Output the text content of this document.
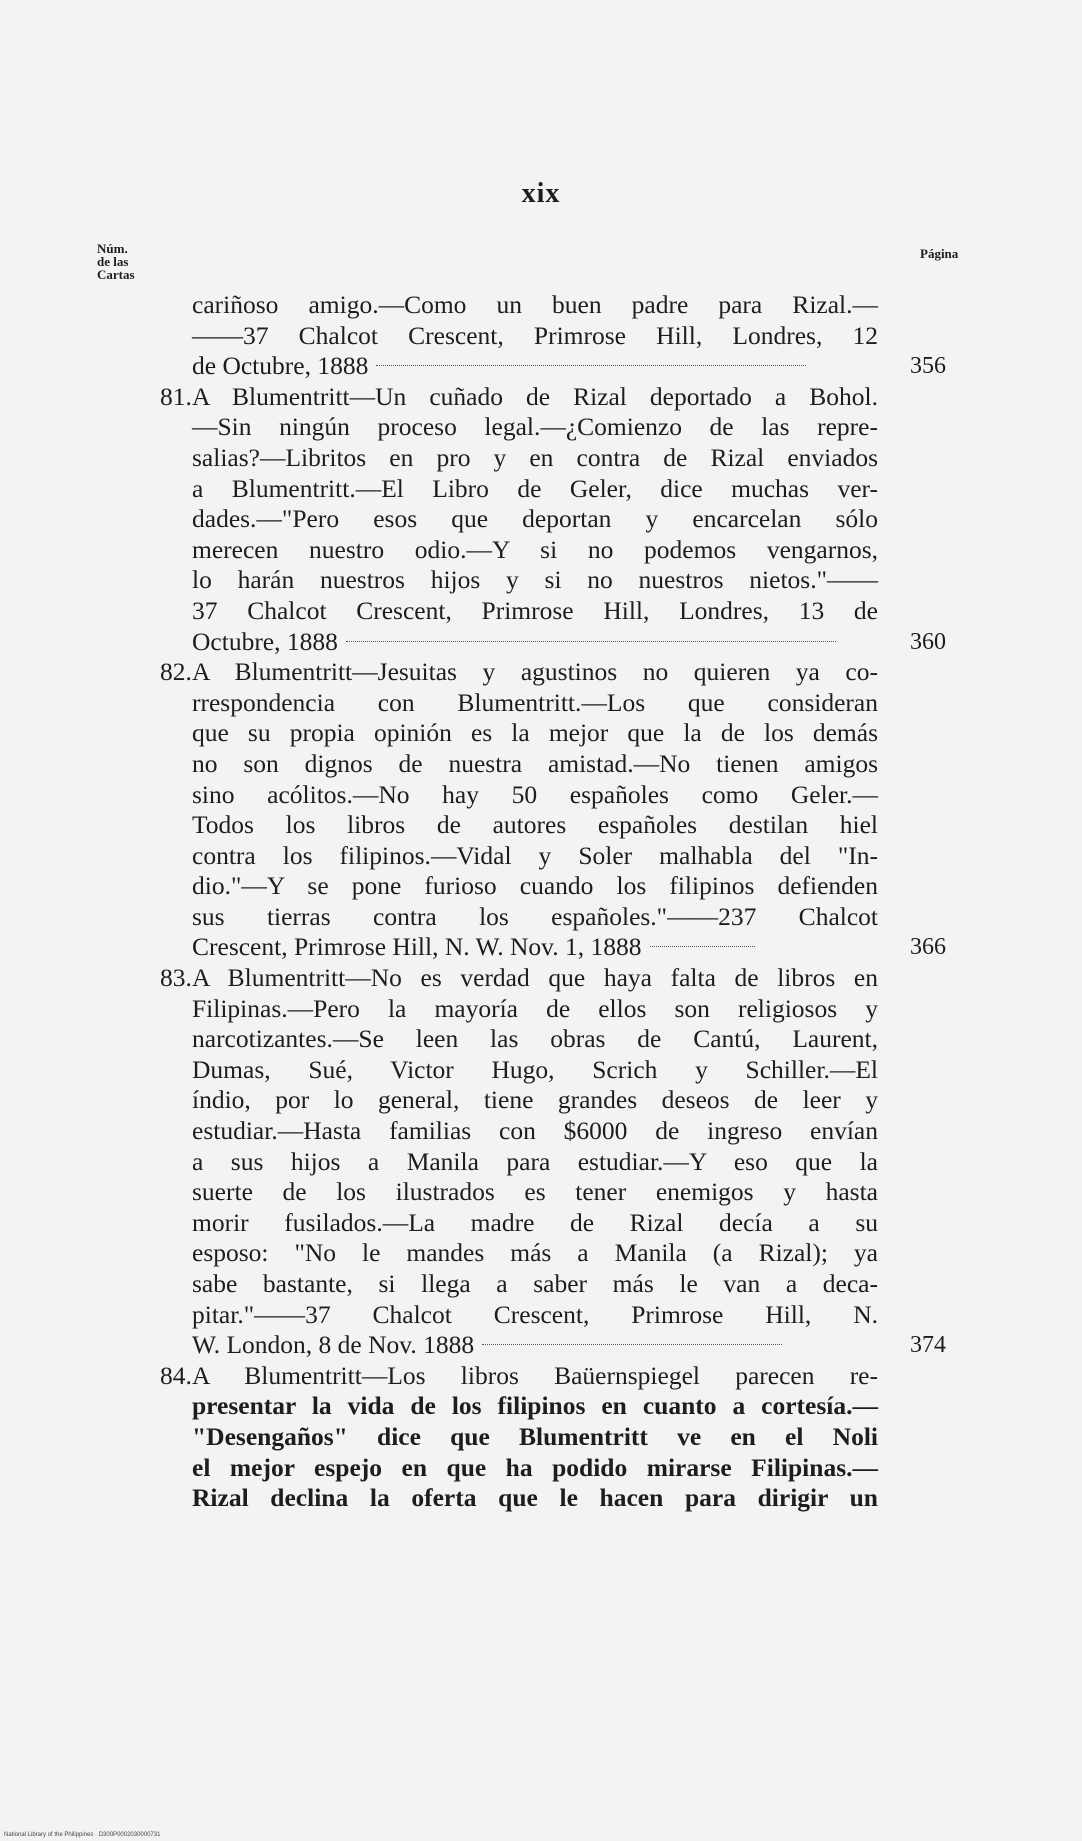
xix
Núm.
de las
Cartas
Página
cariñoso amigo.—Como un buen padre para Rizal.—
——37 Chalcot Crescent, Primrose Hill, Londres, 12
de Octubre, 1888	356
81.A Blumentritt—Un cuñado de Rizal deportado a Bohol.
—Sin ningún proceso legal.—¿Comienzo de las repre-
salias?—Libritos en pro y en contra de Rizal enviados
a Blumentritt.—El Libro de Geler, dice muchas ver-
dades.—"Pero esos que deportan y encarcelan sólo
merecen nuestro odio.—Y si no podemos vengarnos,
lo harán nuestros hijos y si no nuestros nietos."——
37 Chalcot Crescent, Primrose Hill, Londres, 13 de
Octubre, 1888	360
82.A Blumentritt—Jesuitas y agustinos no quieren ya co-
rrespondencia con Blumentritt.—Los que consideran
que su propia opinión es la mejor que la de los demás
no son dignos de nuestra amistad.—No tienen amigos
sino acólitos.—No hay 50 españoles como Geler.—
Todos los libros de autores españoles destilan hiel
contra los filipinos.—Vidal y Soler malhabla del "In-
dio."—Y se pone furioso cuando los filipinos defienden
sus tierras contra los españoles."——237 Chalcot
Crescent, Primrose Hill, N. W. Nov. 1, 1888	366
83.A Blumentritt—No es verdad que haya falta de libros en
Filipinas.—Pero la mayoría de ellos son religiosos y
narcotizantes.—Se leen las obras de Cantú, Laurent,
Dumas, Sué, Victor Hugo, Scrich y Schiller.—El
índio, por lo general, tiene grandes deseos de leer y
estudiar.—Hasta familias con $6000 de ingreso envían
a sus hijos a Manila para estudiar.—Y eso que la
suerte de los ilustrados es tener enemigos y hasta
morir fusilados.—La madre de Rizal decía a su
esposo: "No le mandes más a Manila (a Rizal); ya
sabe bastante, si llega a saber más le van a deca-
pitar."——37 Chalcot Crescent, Primrose Hill, N.
W. London, 8 de Nov. 1888	374
84.A Blumentritt—Los libros Baüernspiegel parecen re-
presentar la vida de los filipinos en cuanto a cortesía.—
"Desengaños" dice que Blumentritt ve en el Noli
el mejor espejo en que ha podido mirarse Filipinas.—
Rizal declina la oferta que le hacen para dirigir un
National Library of the Philippines · D300P0002030000731
